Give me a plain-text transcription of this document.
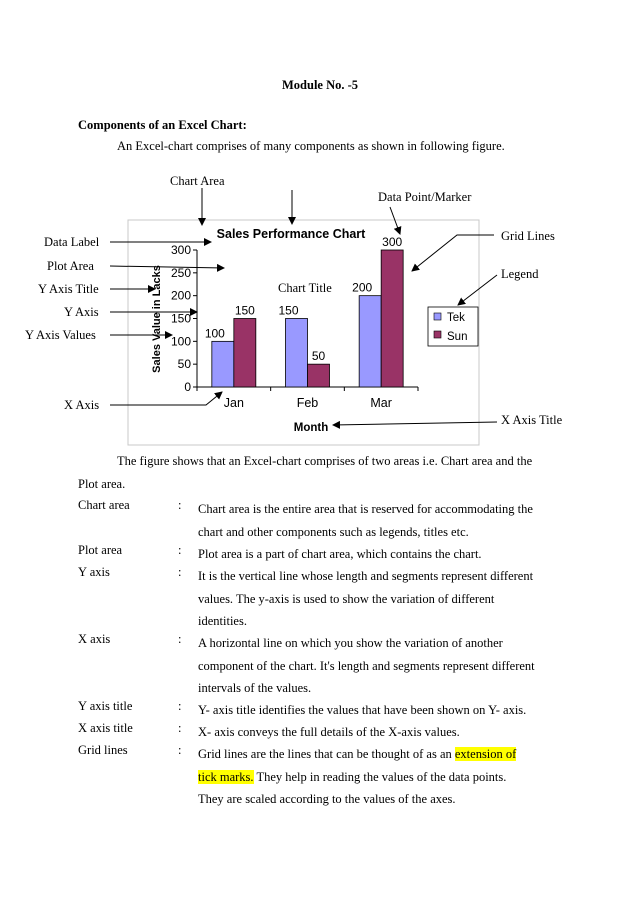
Module No. -5
Components of an Excel Chart:
An Excel-chart comprises of many components as shown in following figure.
Chart Area
Data Point/Marker
Data Label
Plot Area
Y Axis Title
Y Axis
Y Axis Values
X Axis
Grid Lines
Legend
X Axis Title
Sales Performance Chart
Sales Value in Lacks
Month
Chart Title
0
50
100
150
200
250
300
100
150 150
50
200
300
Jan	Feb	Mar
Tek
Sun
The figure shows that an Excel-chart comprises of two areas i.e. Chart area and the
Plot area.
Chart area	: Chart area is the entire area that is reserved for accommodating the
chart and other components such as legends, titles etc.
Plot area	: Plot area is a part of chart area, which contains the chart.
Y axis	: It is the vertical line whose length and segments represent different
values. The y-axis is used to show the variation of different
identities.
X axis	: A horizontal line on which you show the variation of another
component of the chart. It's length and segments represent different
intervals of the values.
Y axis title	: Y- axis title identifies the values that have been shown on Y- axis.
X axis title	: X- axis conveys the full details of the X-axis values.
Grid lines	: Grid lines are the lines that can be thought of as an extension of
tick marks. They help in reading the values of the data points.
They are scaled according to the values of the axes.
